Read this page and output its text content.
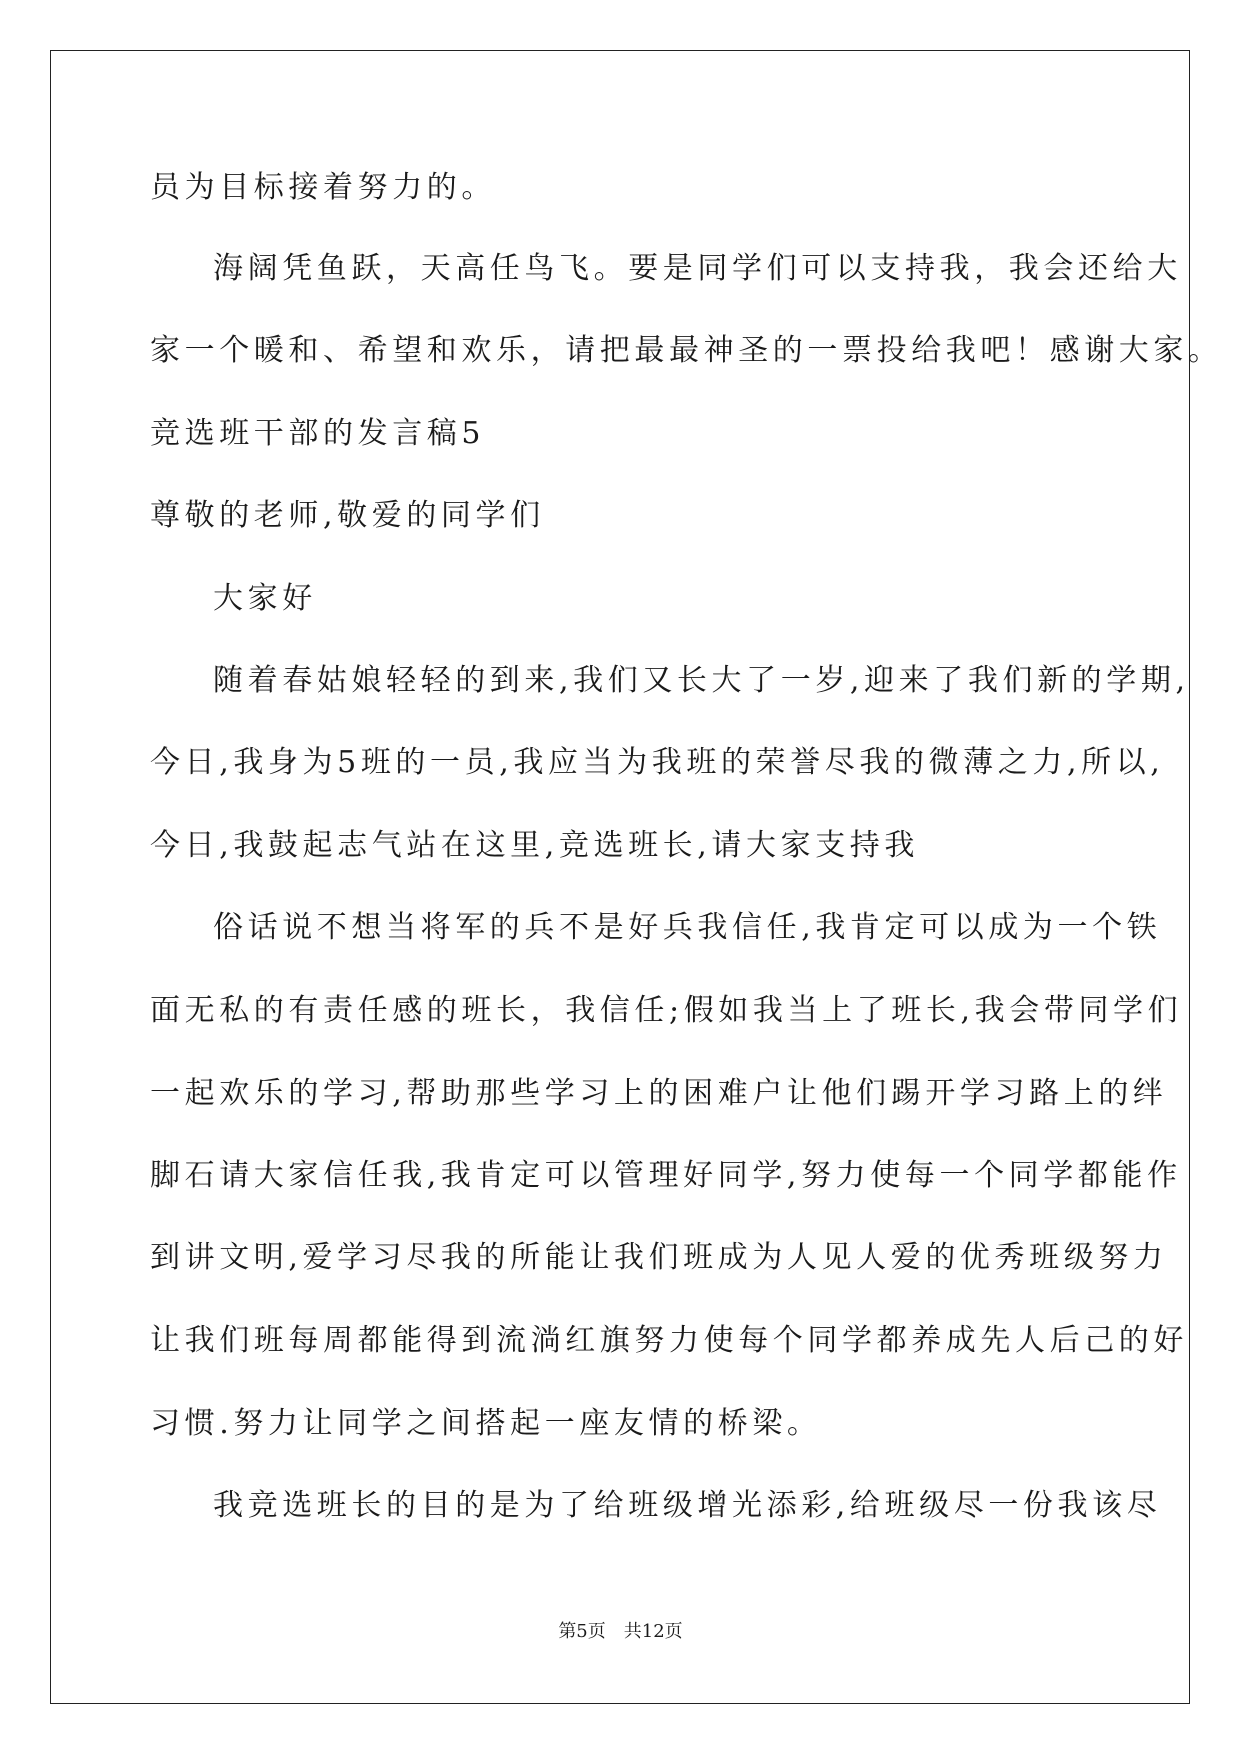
员为目标接着努力的。
海阔凭鱼跃，天高任鸟飞。要是同学们可以支持我，我会还给大
家一个暖和、希望和欢乐，请把最最神圣的一票投给我吧！感谢大家。
竞选班干部的发言稿5
尊敬的老师,敬爱的同学们
大家好
随着春姑娘轻轻的到来,我们又长大了一岁,迎来了我们新的学期,
今日,我身为5班的一员,我应当为我班的荣誉尽我的微薄之力,所以,
今日,我鼓起志气站在这里,竞选班长,请大家支持我
俗话说不想当将军的兵不是好兵我信任,我肯定可以成为一个铁
面无私的有责任感的班长，我信任;假如我当上了班长,我会带同学们
一起欢乐的学习,帮助那些学习上的困难户让他们踢开学习路上的绊
脚石请大家信任我,我肯定可以管理好同学,努力使每一个同学都能作
到讲文明,爱学习尽我的所能让我们班成为人见人爱的优秀班级努力
让我们班每周都能得到流淌红旗努力使每个同学都养成先人后己的好
习惯.努力让同学之间搭起一座友情的桥梁。
我竞选班长的目的是为了给班级增光添彩,给班级尽一份我该尽
第5页　共12页
